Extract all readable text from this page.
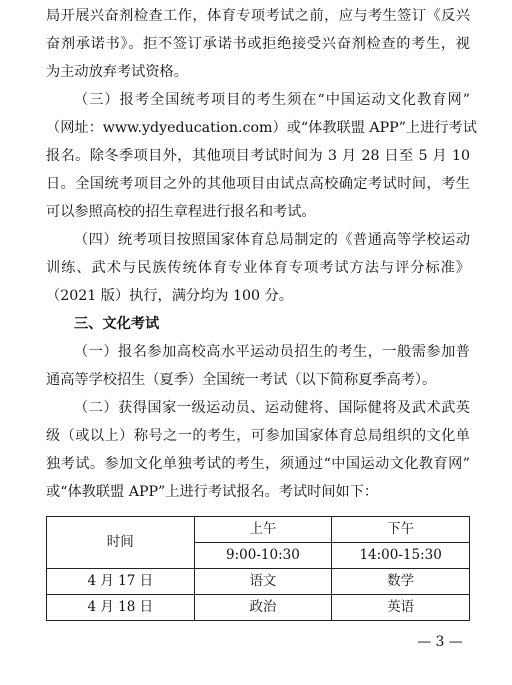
局开展兴奋剂检查工作，体育专项考试之前，应与考生签订《反兴
奋剂承诺书》。拒不签订承诺书或拒绝接受兴奋剂检查的考生，视
为主动放弃考试资格。
（三）报考全国统考项目的考生须在“中国运动文化教育网”
（网址：www.ydyeducation.com）或“体教联盟 APP”上进行考试
报名。除冬季项目外，其他项目考试时间为 3 月 28 日至 5 月 10
日。全国统考项目之外的其他项目由试点高校确定考试时间，考生
可以参照高校的招生章程进行报名和考试。
（四）统考项目按照国家体育总局制定的《普通高等学校运动
训练、武术与民族传统体育专业体育专项考试方法与评分标准》
（2021 版）执行，满分均为 100 分。
三、文化考试
（一）报名参加高校高水平运动员招生的考生，一般需参加普
通高等学校招生（夏季）全国统一考试（以下简称夏季高考）。
（二）获得国家一级运动员、运动健将、国际健将及武术武英
级（或以上）称号之一的考生，可参加国家体育总局组织的文化单
独考试。参加文化单独考试的考生，须通过“中国运动文化教育网”
或“体教联盟 APP”上进行考试报名。考试时间如下：
时间	上午	下午
	9:00-10:30	14:00-15:30
4 月 17 日	语文	数学
4 月 18 日	政治	英语
— 3 —
